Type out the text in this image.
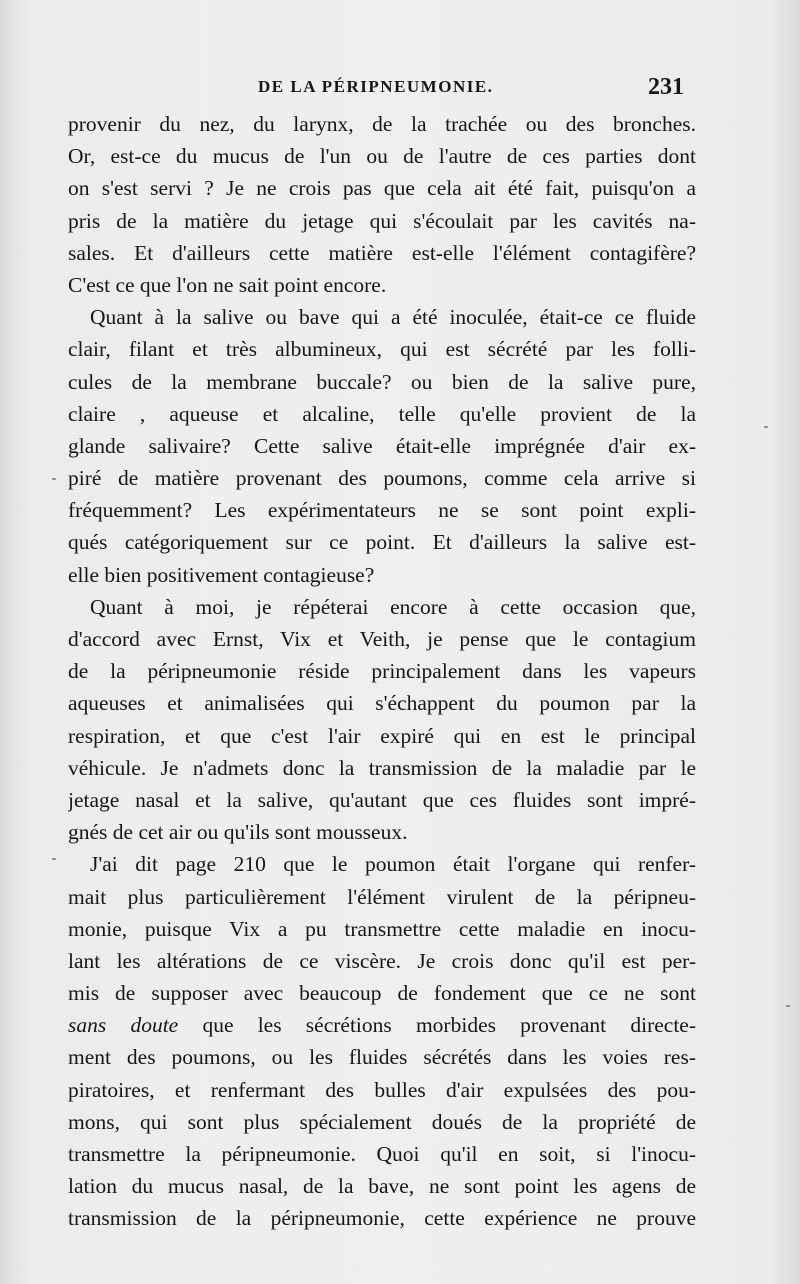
DE LA PÉRIPNEUMONIE.	231
provenir du nez, du larynx, de la trachée ou des bronches.
Or, est-ce du mucus de l'un ou de l'autre de ces parties dont
on s'est servi ? Je ne crois pas que cela ait été fait, puisqu'on a
pris de la matière du jetage qui s'écoulait par les cavités na-
sales. Et d'ailleurs cette matière est-elle l'élément contagifère?
C'est ce que l'on ne sait point encore.
Quant à la salive ou bave qui a été inoculée, était-ce ce fluide
clair, filant et très albumineux, qui est sécrété par les folli-
cules de la membrane buccale? ou bien de la salive pure,
claire , aqueuse et alcaline, telle qu'elle provient de la
glande salivaire? Cette salive était-elle imprégnée d'air ex-
piré de matière provenant des poumons, comme cela arrive si
fréquemment? Les expérimentateurs ne se sont point expli-
qués catégoriquement sur ce point. Et d'ailleurs la salive est-
elle bien positivement contagieuse?
Quant à moi, je répéterai encore à cette occasion que,
d'accord avec Ernst, Vix et Veith, je pense que le contagium
de la péripneumonie réside principalement dans les vapeurs
aqueuses et animalisées qui s'échappent du poumon par la
respiration, et que c'est l'air expiré qui en est le principal
véhicule. Je n'admets donc la transmission de la maladie par le
jetage nasal et la salive, qu'autant que ces fluides sont impré-
gnés de cet air ou qu'ils sont mousseux.
J'ai dit page 210 que le poumon était l'organe qui renfer-
mait plus particulièrement l'élément virulent de la péripneu-
monie, puisque Vix a pu transmettre cette maladie en inocu-
lant les altérations de ce viscère. Je crois donc qu'il est per-
mis de supposer avec beaucoup de fondement que ce ne sont
sans doute que les sécrétions morbides provenant directe-
ment des poumons, ou les fluides sécrétés dans les voies res-
piratoires, et renfermant des bulles d'air expulsées des pou-
mons, qui sont plus spécialement doués de la propriété de
transmettre la péripneumonie. Quoi qu'il en soit, si l'inocu-
lation du mucus nasal, de la bave, ne sont point les agens de
transmission de la péripneumonie, cette expérience ne prouve
